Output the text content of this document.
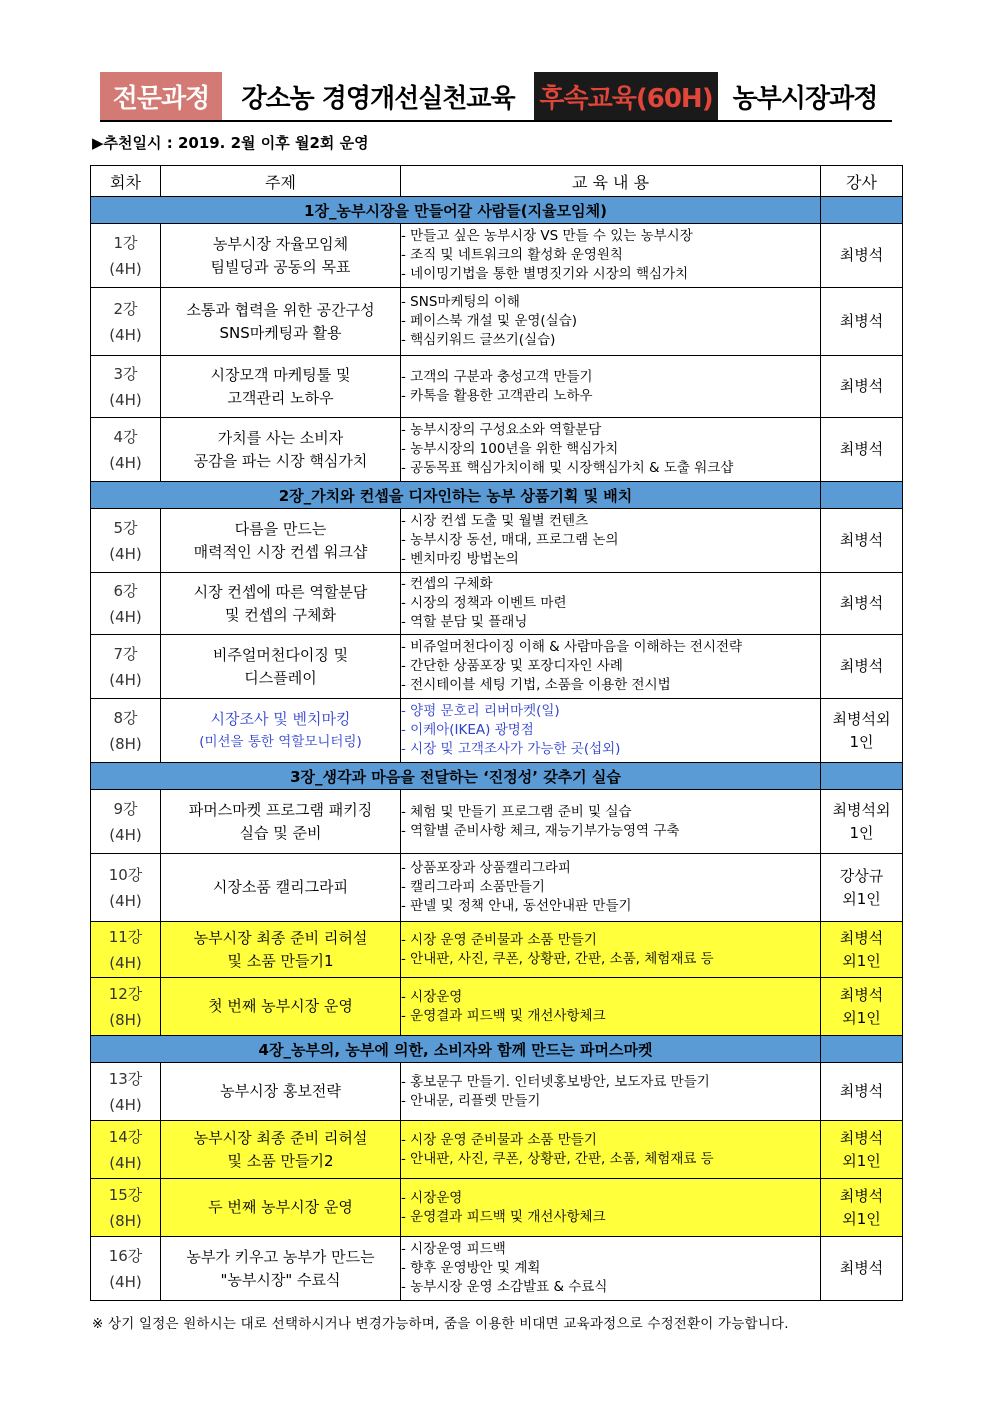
전문과정	강소농 경영개선실천교육 후속교육(60H) 농부시장과정
▶추천일시 : 2019. 2월 이후 월2회 운영
회차	주제	교 육 내 용	강사
1장_농부시장을 만들어갈 사람들(지율모임체)			

1강
(4H)	농부시장 자율모임체
팀빌딩과 공동의 목표	- 만들고 싶은 농부시장 VS 만들 수 있는 농부시장
- 조직 및 네트워크의 활성화 운영원칙
- 네이밍기법을 통한 별명짓기와 시장의 핵심가치	최병석

2강
(4H)	소통과 협력을 위한 공간구성
SNS마케팅과 활용	- SNS마케팅의 이해
- 페이스북 개설 및 운영(실습)
- 핵심키워드 글쓰기(실습)	최병석

3강
(4H)	시장모객 마케팅툴 및
고객관리 노하우	- 고객의 구분과 충성고객 만들기
- 카톡을 활용한 고객관리 노하우	최병석

4강
(4H)	가치를 사는 소비자
공감을 파는 시장 핵심가치	- 농부시장의 구성요소와 역할분담
- 농부시장의 100년을 위한 핵심가치
- 공동목표 핵심가치이해 및 시장핵심가치 & 도출 워크샵	최병석

2장_가치와 컨셉을 디자인하는 농부 상품기획 및 배치			

5강
(4H)	다름을 만드는
매력적인 시장 컨셉 워크샵	- 시장 컨셉 도출 및 월별 컨텐츠
- 농부시장 동선, 매대, 프로그램 논의
- 벤치마킹 방법논의	최병석

6강
(4H)	시장 컨셉에 따른 역할분담
및 컨셉의 구체화	- 컨셉의 구체화
- 시장의 정책과 이벤트 마련
- 역할 분담 및 플래닝	최병석

7강
(4H)	비주얼머천다이징 및
디스플레이	- 비쥬얼머천다이징 이해 & 사람마음을 이해하는 전시전략
- 간단한 상품포장 및 포장디자인 사례
- 전시테이블 세팅 기법, 소품을 이용한 전시법	최병석

8강
(8H)	시장조사 및 벤치마킹
(미션을 통한 역할모니터링)	- 양평 문호리 리버마켓(일)
- 이케아(IKEA) 광명점
- 시장 및 고객조사가 가능한 곳(섭외)	최병석외
1인

3장_생각과 마음을 전달하는 ‘진정성’ 갖추기 실습			

9강
(4H)	파머스마켓 프로그램 패키징
실습 및 준비	- 체험 및 만들기 프로그램 준비 및 실습
- 역할별 준비사항 체크, 재능기부가능영역 구축	최병석외
1인

10강
(4H)	시장소품 캘리그라피	- 상품포장과 상품캘리그라피
- 캘리그라피 소품만들기
- 판넬 및 정책 안내, 동선안내판 만들기	강상규
외1인

11강
(4H)	농부시장 최종 준비 리허설
및 소품 만들기1	- 시장 운영 준비물과 소품 만들기
- 안내판, 사진, 쿠폰, 상황판, 간판, 소품, 체험재료 등	최병석
외1인

12강
(8H)	첫 번째 농부시장 운영	- 시장운영
- 운영결과 피드백 및 개선사항체크	최병석
외1인

4장_농부의, 농부에 의한, 소비자와 함께 만드는 파머스마켓			

13강
(4H)	농부시장 홍보전략	- 홍보문구 만들기. 인터넷홍보방안, 보도자료 만들기
- 안내문, 리플렛 만들기	최병석

14강
(4H)	농부시장 최종 준비 리허설
및 소품 만들기2	- 시장 운영 준비물과 소품 만들기
- 안내판, 사진, 쿠폰, 상황판, 간판, 소품, 체험재료 등	최병석
외1인

15강
(8H)	두 번째 농부시장 운영	- 시장운영
- 운영결과 피드백 및 개선사항체크	최병석
외1인

16강
(4H)	농부가 키우고 농부가 만드는
"농부시장" 수료식	- 시장운영 피드백
- 향후 운영방안 및 계획
- 농부시장 운영 소감발표 & 수료식	최병석
※ 상기 일정은 원하시는 대로 선택하시거나 변경가능하며, 줌을 이용한 비대면 교육과정으로 수정전환이 가능합니다.
